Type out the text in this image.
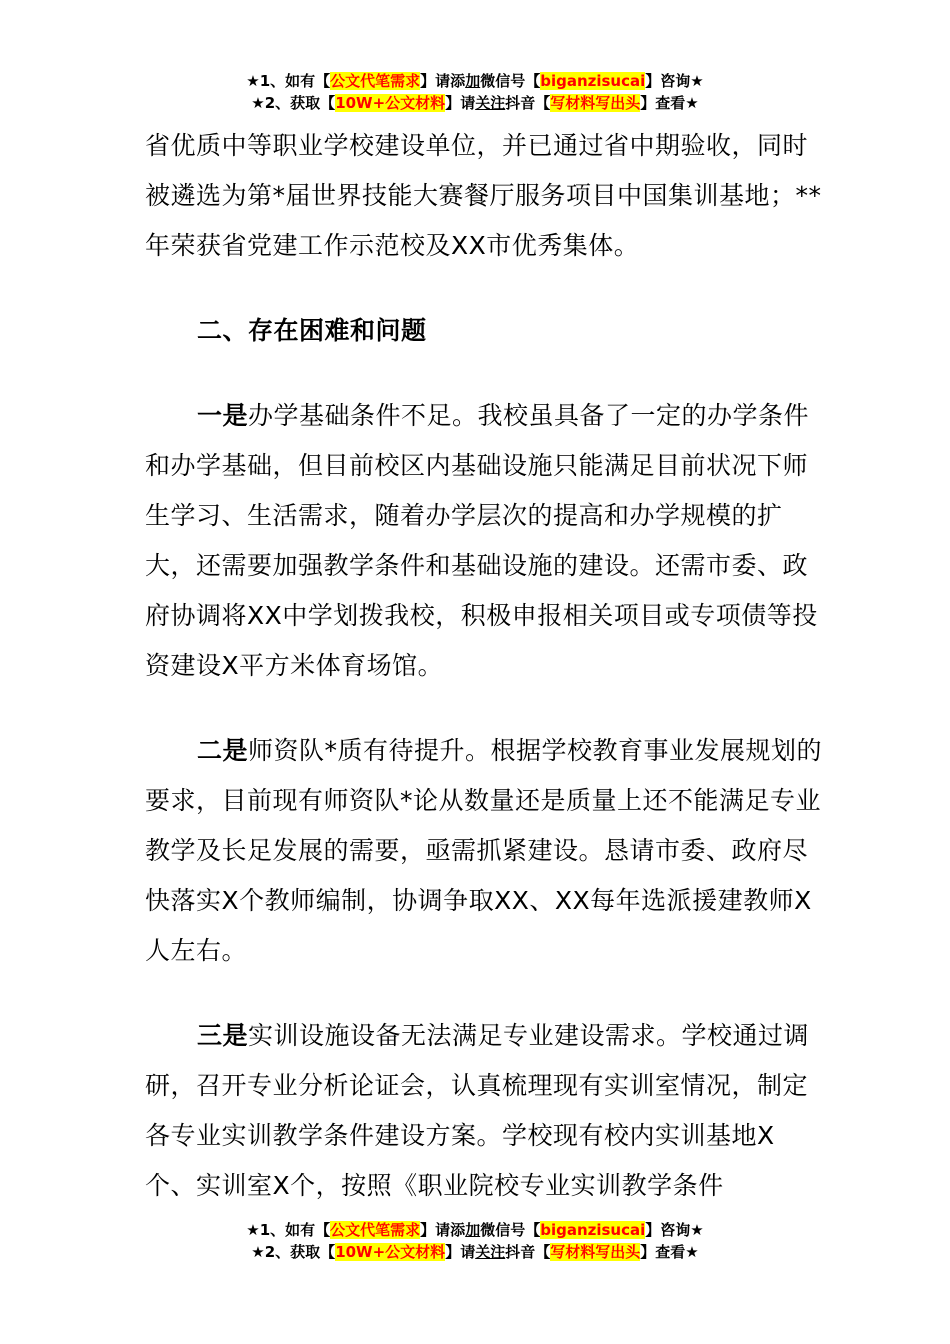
★1、如有【公文代笔需求】请添加微信号【biganzisucai】咨询★
★2、获取【10W+公文材料】请关注抖音【写材料写出头】查看★

省优质中等职业学校建设单位，并已通过省中期验收，同时被遴选为第*届世界技能大赛餐厅服务项目中国集训基地；**年荣获省党建工作示范校及XX市优秀集体。

二、存在困难和问题

一是办学基础条件不足。我校虽具备了一定的办学条件和办学基础，但目前校区内基础设施只能满足目前状况下师生学习、生活需求，随着办学层次的提高和办学规模的扩大，还需要加强教学条件和基础设施的建设。还需市委、政府协调将XX中学划拨我校，积极申报相关项目或专项债等投资建设X平方米体育场馆。

二是师资队*质有待提升。根据学校教育事业发展规划的要求，目前现有师资队*论从数量还是质量上还不能满足专业教学及长足发展的需要，亟需抓紧建设。恳请市委、政府尽快落实X个教师编制，协调争取XX、XX每年选派援建教师X人左右。

三是实训设施设备无法满足专业建设需求。学校通过调研，召开专业分析论证会，认真梳理现有实训室情况，制定各专业实训教学条件建设方案。学校现有校内实训基地X个、实训室X个，按照《职业院校专业实训教学条件

★1、如有【公文代笔需求】请添加微信号【biganzisucai】咨询★
★2、获取【10W+公文材料】请关注抖音【写材料写出头】查看★
